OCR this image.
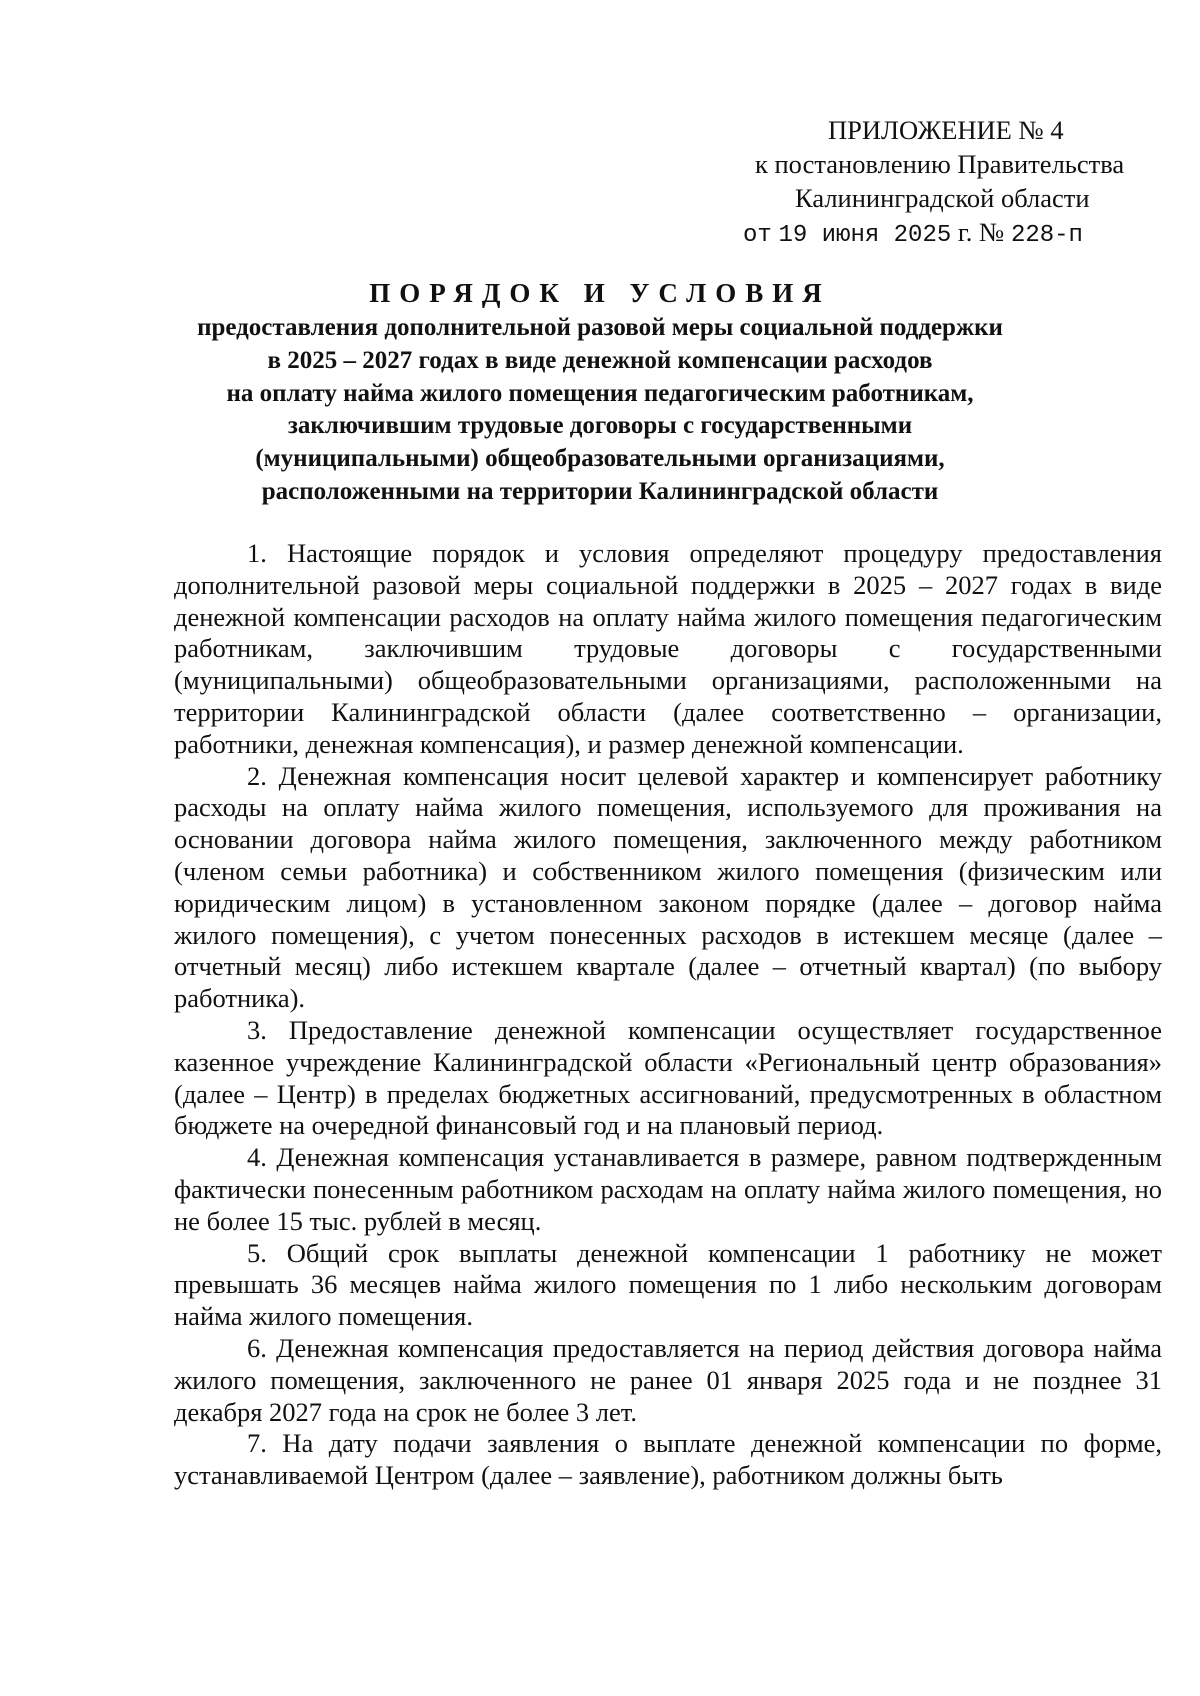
ПРИЛОЖЕНИЕ № 4
к постановлению Правительства
Калининградской области
от 19 июня 2025 г. № 228-п
ПОРЯДОК И УСЛОВИЯ
предоставления дополнительной разовой меры социальной поддержки
в 2025 – 2027 годах в виде денежной компенсации расходов
на оплату найма жилого помещения педагогическим работникам,
заключившим трудовые договоры с государственными
(муниципальными) общеобразовательными организациями,
расположенными на территории Калининградской области

1. Настоящие порядок и условия определяют процедуру предоставления дополнительной разовой меры социальной поддержки в 2025 – 2027 годах в виде денежной компенсации расходов на оплату найма жилого помещения педагогическим работникам, заключившим трудовые договоры с государственными (муниципальными) общеобразовательными организациями, расположенными на территории Калининградской области (далее соответственно – организации, работники, денежная компенсация), и размер денежной компенсации.

2. Денежная компенсация носит целевой характер и компенсирует работнику расходы на оплату найма жилого помещения, используемого для проживания на основании договора найма жилого помещения, заключенного между работником (членом семьи работника) и собственником жилого помещения (физическим или юридическим лицом) в установленном законом порядке (далее – договор найма жилого помещения), с учетом понесенных расходов в истекшем месяце (далее – отчетный месяц) либо истекшем квартале (далее – отчетный квартал) (по выбору работника).

3. Предоставление денежной компенсации осуществляет государственное казенное учреждение Калининградской области «Региональный центр образования» (далее – Центр) в пределах бюджетных ассигнований, предусмотренных в областном бюджете на очередной финансовый год и на плановый период.

4. Денежная компенсация устанавливается в размере, равном подтвержденным фактически понесенным работником расходам на оплату найма жилого помещения, но не более 15 тыс. рублей в месяц.

5. Общий срок выплаты денежной компенсации 1 работнику не может превышать 36 месяцев найма жилого помещения по 1 либо нескольким договорам найма жилого помещения.

6. Денежная компенсация предоставляется на период действия договора найма жилого помещения, заключенного не ранее 01 января 2025 года и не позднее 31 декабря 2027 года на срок не более 3 лет.

7. На дату подачи заявления о выплате денежной компенсации по форме, устанавливаемой Центром (далее – заявление), работником должны быть
